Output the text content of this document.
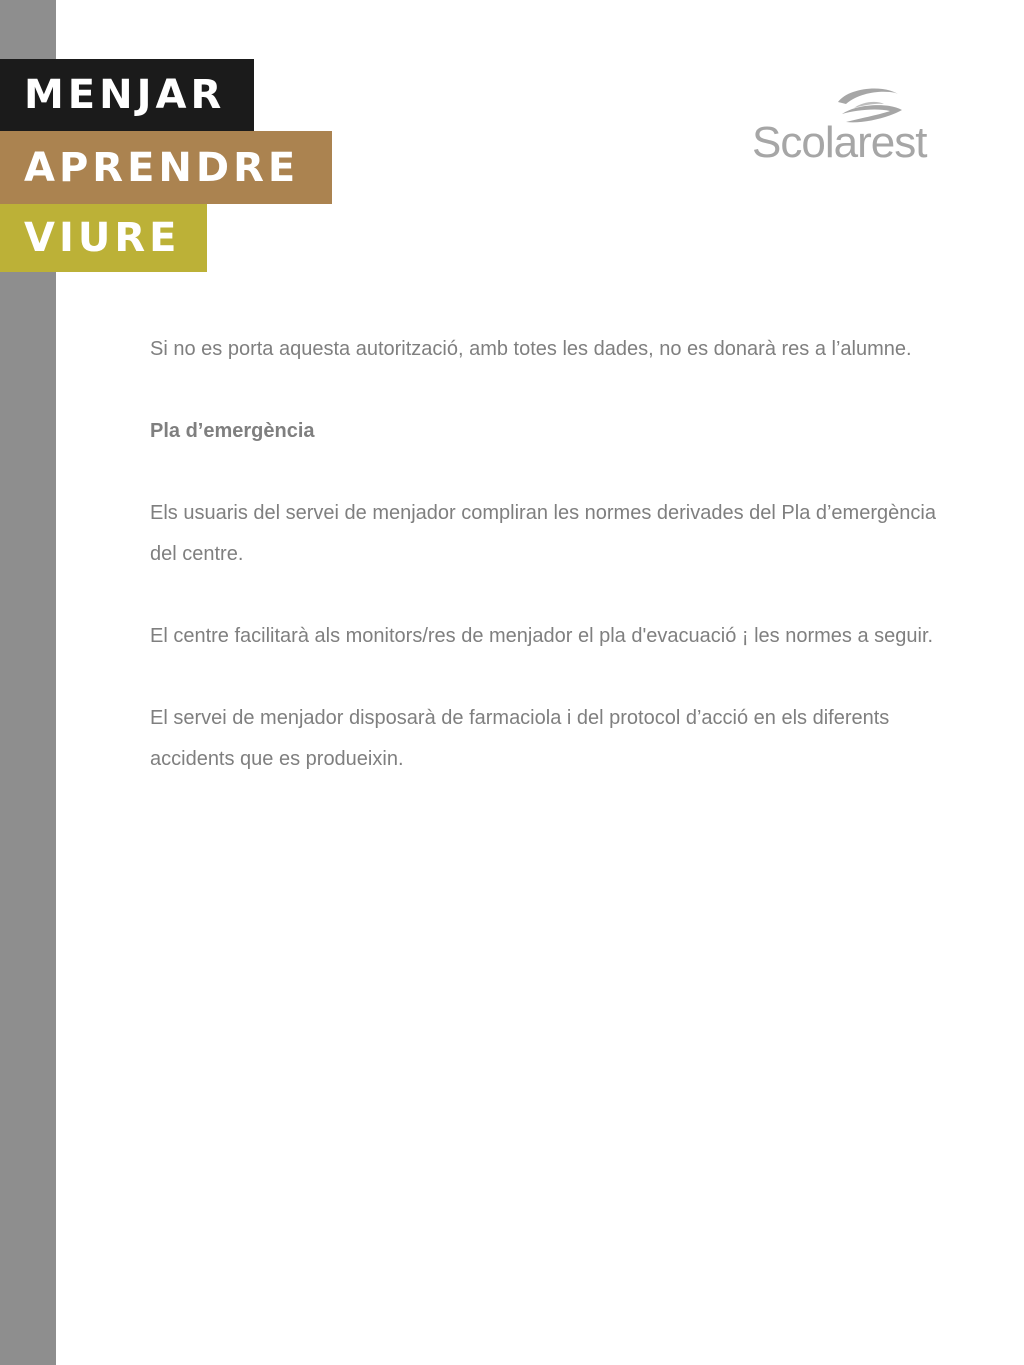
MENJAR
APRENDRE
VIURE
Scolarest

Si no es porta aquesta autorització, amb totes les dades, no es donarà res a l’alumne.

Pla d’emergència

Els usuaris del servei de menjador compliran les normes derivades del Pla d’emergència del centre.

El centre facilitarà als monitors/res de menjador el pla d'evacuació ¡ les normes a seguir.

El servei de menjador disposarà de farmaciola i del protocol d’acció en els diferents accidents que es produeixin.
